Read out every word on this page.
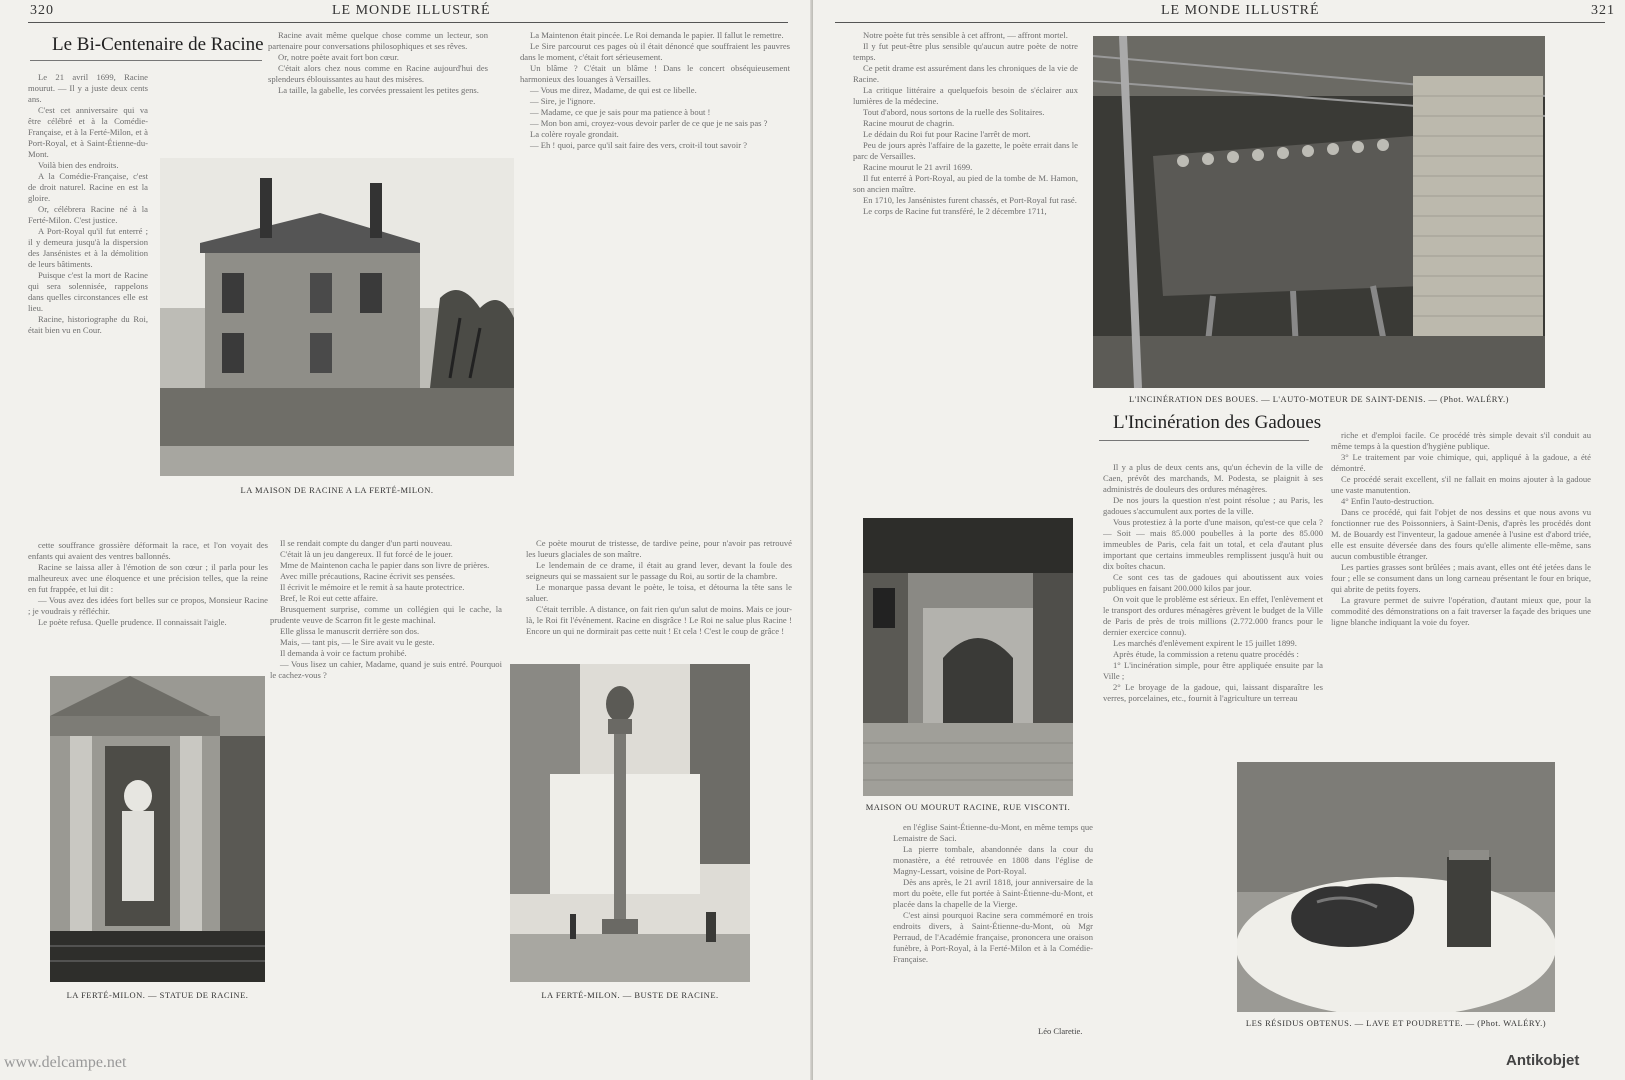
320	LE MONDE ILLUSTRÉ
Le Bi-Centenaire de Racine

Le 21 avril 1699, Racine mourut. — Il y a juste deux cents ans.

C'est cet anniversaire qui va être célébré et à la Comédie-Française, et à la Ferté-Milon, et à Port-Royal, et à Saint-Étienne-du-Mont.

Voilà bien des endroits.

A la Comédie-Française, c'est de droit naturel. Racine en est la gloire.

Or, célébrera Racine né à la Ferté-Milon. C'est justice.

A Port-Royal qu'il fut enterré ; il y demeura jusqu'à la dispersion des Jansénistes et à la démolition de leurs bâtiments.

Puisque c'est la mort de Racine qui sera solennisée, rappelons dans quelles circonstances elle est lieu.

Racine, historiographe du Roi, était bien vu en Cour.

Racine avait même quelque chose comme un lecteur, son partenaire pour conversations philosophiques et ses rêves.

Or, notre poète avait fort bon cœur.

C'était alors chez nous comme en Racine aujourd'hui des splendeurs éblouissantes au haut des misères.

La taille, la gabelle, les corvées pressaient les petites gens.

La Maintenon était pincée. Le Roi demanda le papier. Il fallut le remettre.

Le Sire parcourut ces pages où il était dénoncé que souffraient les pauvres dans le moment, c'était fort sérieusement.

Un blâme ? C'était un blâme ! Dans le concert obséquieusement harmonieux des louanges à Versailles.

— Vous me direz, Madame, de qui est ce libelle.

— Sire, je l'ignore.

— Madame, ce que je sais pour ma patience à bout !

— Mon bon ami, croyez-vous devoir parler de ce que je ne sais pas ?

La colère royale grondait.

— Eh ! quoi, parce qu'il sait faire des vers, croit-il tout savoir ?

cette souffrance grossière déformait la race, et l'on voyait des enfants qui avaient des ventres ballonnés.

Racine se laissa aller à l'émotion de son cœur ; il parla pour les malheureux avec une éloquence et une précision telles, que la reine en fut frappée, et lui dit :

— Vous avez des idées fort belles sur ce propos, Monsieur Racine ; je voudrais y réfléchir.

Le poète refusa. Quelle prudence. Il connaissait l'aigle.

Il se rendait compte du danger d'un parti nouveau.

C'était là un jeu dangereux. Il fut forcé de le jouer.

Mme de Maintenon cacha le papier dans son livre de prières.

Avec mille précautions, Racine écrivit ses pensées.

Il écrivit le mémoire et le remit à sa haute protectrice.

Bref, le Roi eut cette affaire.

Brusquement surprise, comme un collégien qui le cache, la prudente veuve de Scarron fit le geste machinal.

Elle glissa le manuscrit derrière son dos.

Mais, — tant pis, — le Sire avait vu le geste.

Il demanda à voir ce factum prohibé.

— Vous lisez un cahier, Madame, quand je suis entré. Pourquoi le cachez-vous ?

Ce poète mourut de tristesse, de tardive peine, pour n'avoir pas retrouvé les lueurs glaciales de son maître.

Le lendemain de ce drame, il était au grand lever, devant la foule des seigneurs qui se massaient sur le passage du Roi, au sortir de la chambre.

Le monarque passa devant le poète, le toisa, et détourna la tête sans le saluer.

C'était terrible. A distance, on fait rien qu'un salut de moins. Mais ce jour-là, le Roi fit l'événement. Racine en disgrâce ! Le Roi ne salue plus Racine ! Encore un qui ne dormirait pas cette nuit ! Et cela ! C'est le coup de grâce !

LA MAISON DE RACINE A LA FERTÉ-MILON.
LA FERTÉ-MILON. — STATUE DE RACINE.	LA FERTÉ-MILON. — BUSTE DE RACINE.
www.delcampe.net
LE MONDE ILLUSTRÉ	321

Notre poète fut très sensible à cet affront, — affront mortel.

Il y fut peut-être plus sensible qu'aucun autre poète de notre temps.

Ce petit drame est assurément dans les chroniques de la vie de Racine.

La critique littéraire a quelquefois besoin de s'éclairer aux lumières de la médecine.

Tout d'abord, nous sortons de la ruelle des Solitaires.

Racine mourut de chagrin.

Le dédain du Roi fut pour Racine l'arrêt de mort.

Peu de jours après l'affaire de la gazette, le poète errait dans le parc de Versailles.

Racine mourut le 21 avril 1699.

Il fut enterré à Port-Royal, au pied de la tombe de M. Hamon, son ancien maître.

En 1710, les Jansénistes furent chassés, et Port-Royal fut rasé.

Le corps de Racine fut transféré, le 2 décembre 1711,

L'INCINÉRATION DES BOUES. — L'AUTO-MOTEUR DE SAINT-DENIS. — (Phot. WALÉRY.)
L'Incinération des Gadoues
MAISON OU MOURUT RACINE, RUE VISCONTI.

en l'église Saint-Étienne-du-Mont, en même temps que Lemaistre de Saci.

La pierre tombale, abandonnée dans la cour du monastère, a été retrouvée en 1808 dans l'église de Magny-Lessart, voisine de Port-Royal.

Dès ans après, le 21 avril 1818, jour anniversaire de la mort du poète, elle fut portée à Saint-Étienne-du-Mont, et placée dans la chapelle de la Vierge.

C'est ainsi pourquoi Racine sera commémoré en trois endroits divers, à Saint-Étienne-du-Mont, où Mgr Perraud, de l'Académie française, prononcera une oraison funèbre, à Port-Royal, à la Ferté-Milon et à la Comédie-Française.

Léo Claretie.

Il y a plus de deux cents ans, qu'un échevin de la ville de Caen, prévôt des marchands, M. Podesta, se plaignit à ses administrés de douleurs des ordures ménagères.

De nos jours la question n'est point résolue ; au Paris, les gadoues s'accumulent aux portes de la ville.

Vous protestiez à la porte d'une maison, qu'est-ce que cela ? — Soit — mais 85.000 poubelles à la porte des 85.000 immeubles de Paris, cela fait un total, et cela d'autant plus important que certains immeubles remplissent jusqu'à huit ou dix boîtes chacun.

Ce sont ces tas de gadoues qui aboutissent aux voies publiques en faisant 200.000 kilos par jour.

On voit que le problème est sérieux. En effet, l'enlèvement et le transport des ordures ménagères grèvent le budget de la Ville de Paris de près de trois millions (2.772.000 francs pour le dernier exercice connu).

Les marchés d'enlèvement expirent le 15 juillet 1899.

Après étude, la commission a retenu quatre procédés :

1° L'incinération simple, pour être appliquée ensuite par la Ville ;

2° Le broyage de la gadoue, qui, laissant disparaître les verres, porcelaines, etc., fournit à l'agriculture un terreau

riche et d'emploi facile. Ce procédé très simple devait s'il conduit au même temps à la question d'hygiène publique.

3° Le traitement par voie chimique, qui, appliqué à la gadoue, a été démontré.

Ce procédé serait excellent, s'il ne fallait en moins ajouter à la gadoue une vaste manutention.

4° Enfin l'auto-destruction.

Dans ce procédé, qui fait l'objet de nos dessins et que nous avons vu fonctionner rue des Poissonniers, à Saint-Denis, d'après les procédés dont M. de Bouardy est l'inventeur, la gadoue amenée à l'usine est d'abord triée, elle est ensuite déversée dans des fours qu'elle alimente elle-même, sans aucun combustible étranger.

Les parties grasses sont brûlées ; mais avant, elles ont été jetées dans le four ; elle se consument dans un long carneau présentant le four en brique, qui abrite de petits foyers.

La gravure permet de suivre l'opération, d'autant mieux que, pour la commodité des démonstrations on a fait traverser la façade des briques une ligne blanche indiquant la voie du foyer.

LES RÉSIDUS OBTENUS. — LAVE ET POUDRETTE. — (Phot. WALÉRY.)
Antikobjet
